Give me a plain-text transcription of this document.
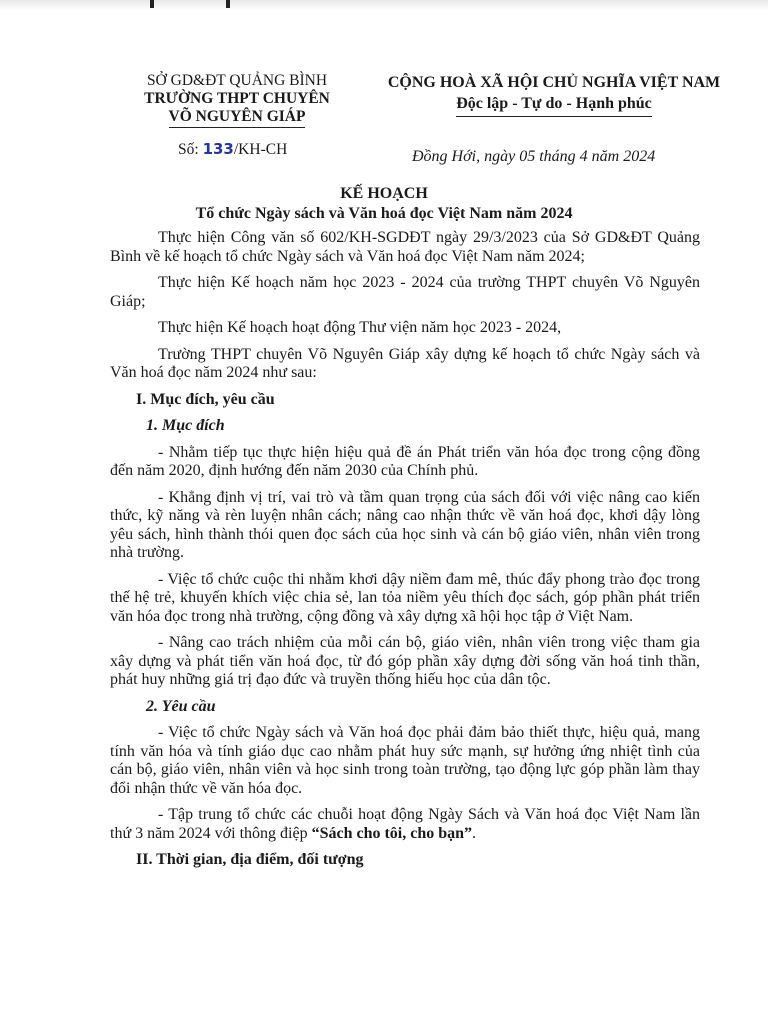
SỞ GD&ĐT QUẢNG BÌNH
TRƯỜNG THPT CHUYÊN
VÕ NGUYÊN GIÁP
CỘNG HOÀ XÃ HỘI CHỦ NGHĨA VIỆT NAM
Độc lập - Tự do - Hạnh phúc
Số: 133/KH-CH	Đồng Hới, ngày 05 tháng 4 năm 2024
KẾ HOẠCH
Tổ chức Ngày sách và Văn hoá đọc Việt Nam năm 2024

Thực hiện Công văn số 602/KH-SGDĐT ngày 29/3/2023 của Sở GD&ĐT Quảng Bình về kế hoạch tổ chức Ngày sách và Văn hoá đọc Việt Nam năm 2024;

Thực hiện Kế hoạch năm học 2023 - 2024 của trường THPT chuyên Võ Nguyên Giáp;

Thực hiện Kế hoạch hoạt động Thư viện năm học 2023 - 2024,

Trường THPT chuyên Võ Nguyên Giáp xây dựng kế hoạch tổ chức Ngày sách và Văn hoá đọc năm 2024 như sau:

I. Mục đích, yêu cầu
1. Mục đích

- Nhằm tiếp tục thực hiện hiệu quả đề án Phát triển văn hóa đọc trong cộng đồng đến năm 2020, định hướng đến năm 2030 của Chính phủ.

- Khẳng định vị trí, vai trò và tầm quan trọng của sách đối với việc nâng cao kiến thức, kỹ năng và rèn luyện nhân cách; nâng cao nhận thức về văn hoá đọc, khơi dậy lòng yêu sách, hình thành thói quen đọc sách của học sinh và cán bộ giáo viên, nhân viên trong nhà trường.

- Việc tổ chức cuộc thi nhằm khơi dậy niềm đam mê, thúc đẩy phong trào đọc trong thế hệ trẻ, khuyến khích việc chia sẻ, lan tỏa niềm yêu thích đọc sách, góp phần phát triển văn hóa đọc trong nhà trường, cộng đồng và xây dựng xã hội học tập ở Việt Nam.

- Nâng cao trách nhiệm của mỗi cán bộ, giáo viên, nhân viên trong việc tham gia xây dựng và phát tiển văn hoá đọc, từ đó góp phần xây dựng đời sống văn hoá tinh thần, phát huy những giá trị đạo đức và truyền thống hiếu học của dân tộc.

2. Yêu cầu

- Việc tổ chức Ngày sách và Văn hoá đọc phải đảm bảo thiết thực, hiệu quả, mang tính văn hóa và tính giáo dục cao nhằm phát huy sức mạnh, sự hưởng ứng nhiệt tình của cán bộ, giáo viên, nhân viên và học sinh trong toàn trường, tạo động lực góp phần làm thay đổi nhận thức về văn hóa đọc.

- Tập trung tổ chức các chuỗi hoạt động Ngày Sách và Văn hoá đọc Việt Nam lần thứ 3 năm 2024 với thông điệp “Sách cho tôi, cho bạn”.

II. Thời gian, địa điểm, đối tượng
